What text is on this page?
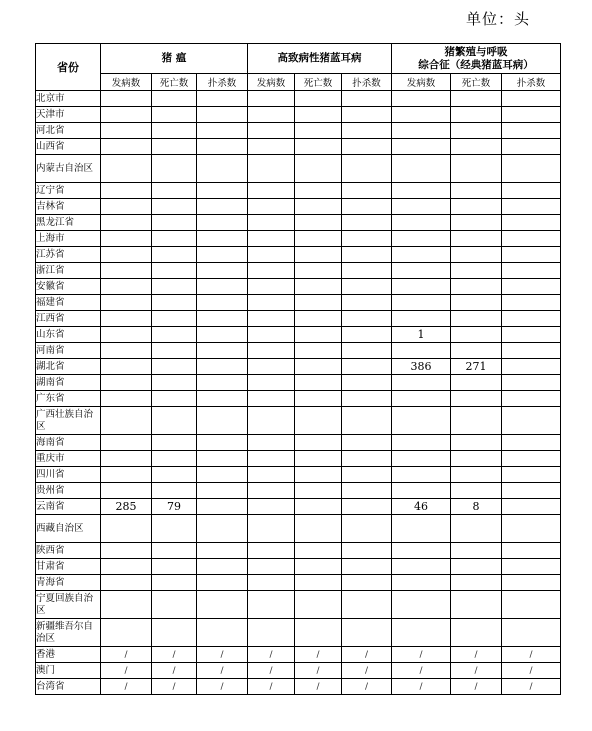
单位：头
省份	猪 瘟			高致病性猪蓝耳病			猪繁殖与呼吸
综合征（经典猪蓝耳病）		

	发病数	死亡数	扑杀数	发病数	死亡数	扑杀数	发病数	死亡数	扑杀数
北京市									
天津市									
河北省									
山西省									
内蒙古自治区									
辽宁省									
吉林省									
黑龙江省									
上海市									
江苏省									
浙江省									
安徽省									
福建省									
江西省									
山东省							1		
河南省									
湖北省							386	271	
湖南省									
广东省									
广西壮族自治区									
海南省									
重庆市									
四川省									
贵州省									
云南省	285	79					46	8	
西藏自治区									
陕西省									
甘肃省									
青海省									
宁夏回族自治区									
新疆维吾尔自治区									
香港	/	/	/	/	/	/	/	/	/
澳门	/	/	/	/	/	/	/	/	/
台湾省	/	/	/	/	/	/	/	/	/
